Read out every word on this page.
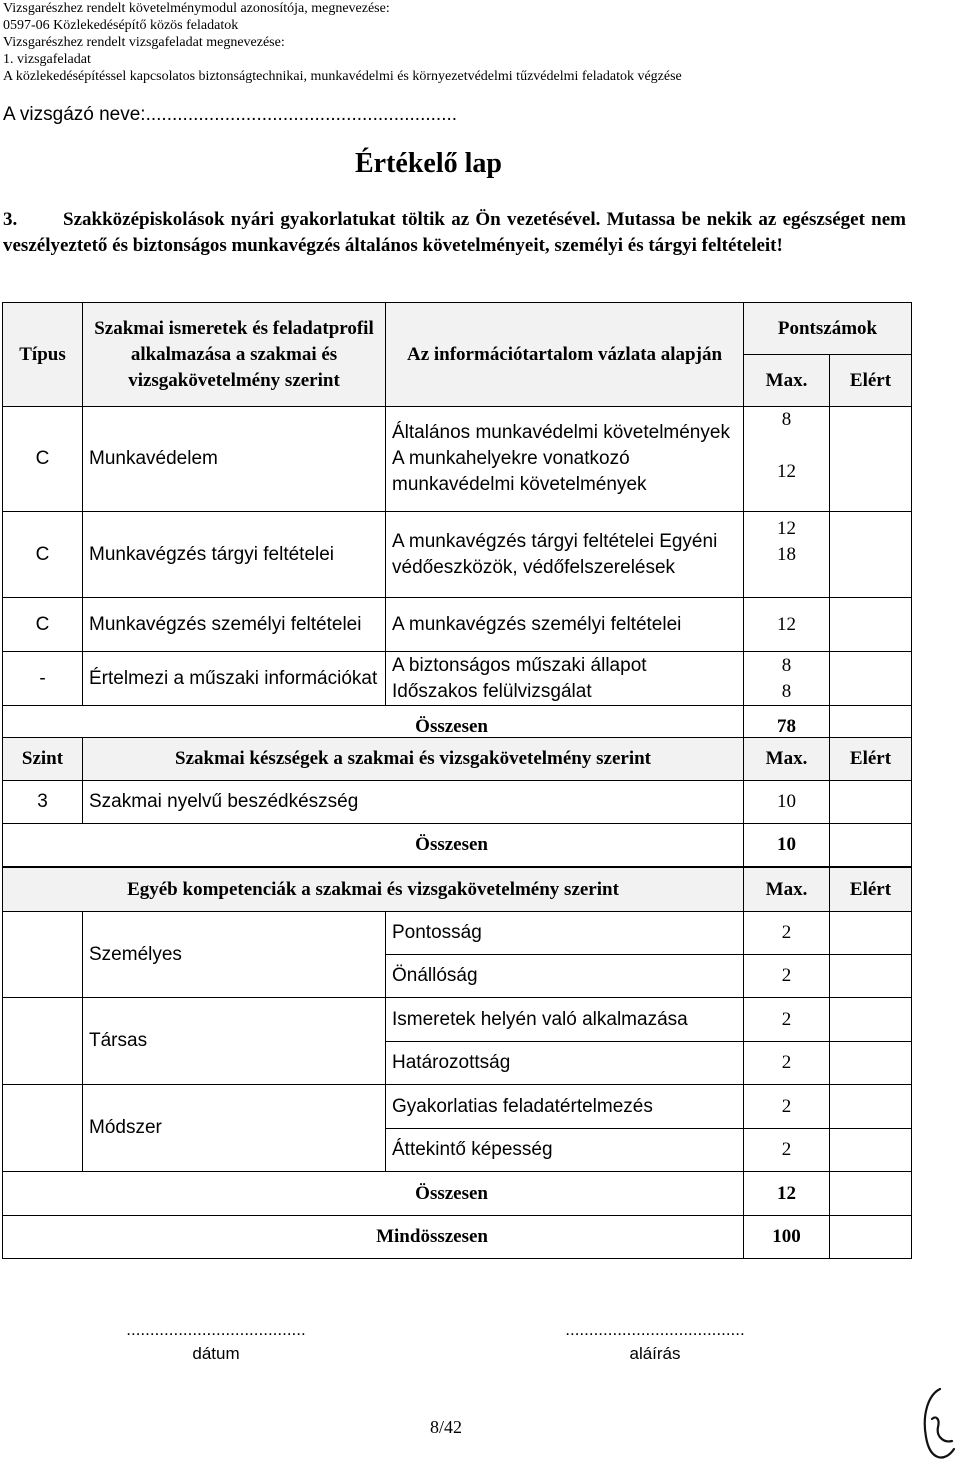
Vizsgarészhez rendelt követelménymodul azonosítója, megnevezése:
0597-06 Közlekedésépítő közös feladatok
Vizsgarészhez rendelt vizsgafeladat megnevezése:
1. vizsgafeladat
A közlekedésépítéssel kapcsolatos biztonságtechnikai, munkavédelmi és környezetvédelmi tűzvédelmi feladatok végzése
A vizsgázó neve:...........................................................
Értékelő lap
3. Szakközépiskolások nyári gyakorlatukat töltik az Ön vezetésével. Mutassa be nekik az egészséget nem veszélyeztető és biztonságos munkavégzés általános követelményeit, személyi és tárgyi feltételeit!
Típus	Szakmai ismeretek és feladatprofil alkalmazása a szakmai és vizsgakövetelmény szerint	Az információtartalom vázlata alapján	Pontszámok	
			Max.	Elért
C	Munkavédelem	Általános munkavédelmi követelmények A munkahelyekre vonatkozó munkavédelmi követelmények	8
12	

C	Munkavégzés tárgyi feltételei	A munkavégzés tárgyi feltételei Egyéni védőeszközök, védőfelszerelések	12
18	

C	Munkavégzés személyi feltételei	A munkavégzés személyi feltételei	12	
-	Értelmezi a műszaki információkat	A biztonságos műszaki állapot Időszakos felülvizsgálat	8
8	

Összesen			78	
Szint	Szakmai készségek a szakmai és vizsgakövetelmény szerint	Max.	Elért
3	Szakmai nyelvű beszédkészség	10	
Összesen		10	
Egyéb kompetenciák a szakmai és vizsgakövetelmény szerint			Max.	Elért
	Személyes	Pontosság	2	
		Önállóság	2	
	Társas	Ismeretek helyén való alkalmazása	2	
		Határozottság	2	
	Módszer	Gyakorlatias feladatértelmezés	2	
		Áttekintő képesség	2	
Összesen			12	
Mindösszesen			100	
......................................
dátum
......................................
aláírás
8/42
